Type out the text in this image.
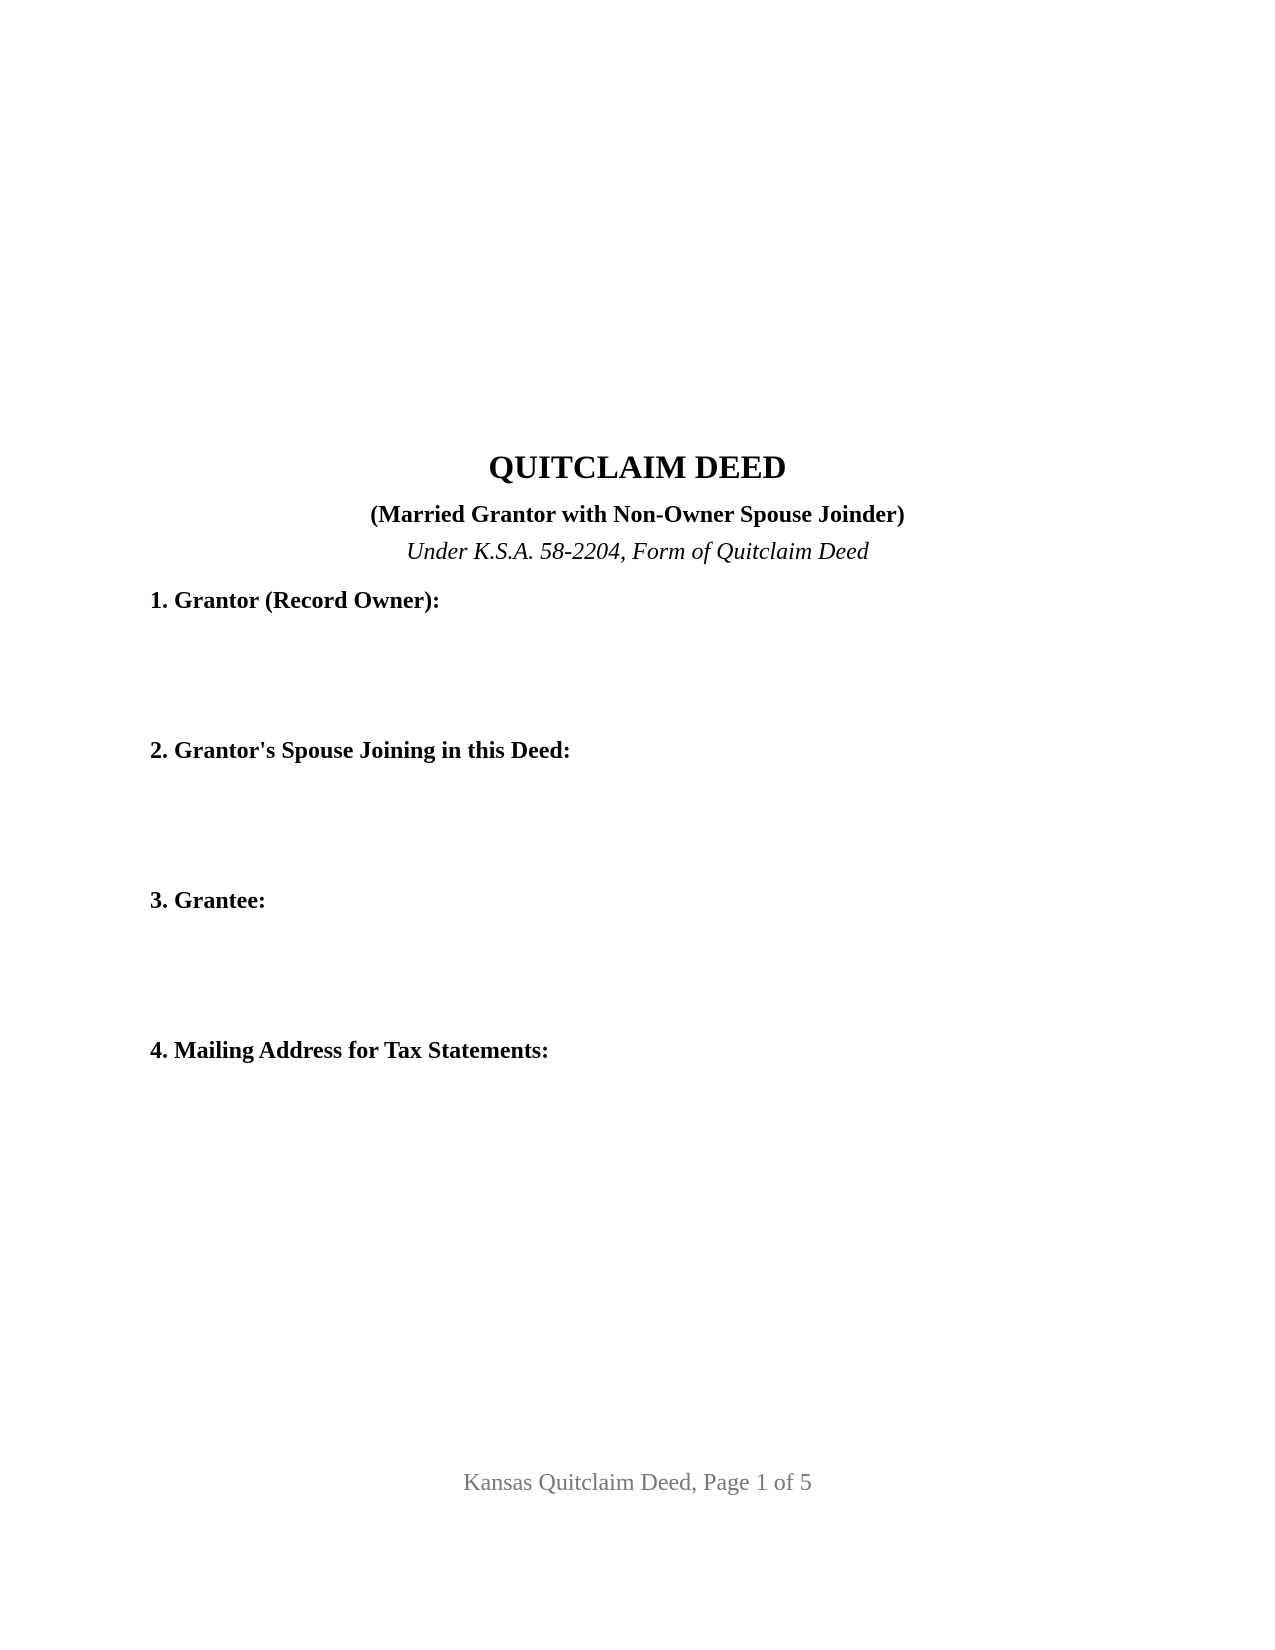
QUITCLAIM DEED
(Married Grantor with Non-Owner Spouse Joinder)
Under K.S.A. 58-2204, Form of Quitclaim Deed
1. Grantor (Record Owner):
2. Grantor's Spouse Joining in this Deed:
3. Grantee:
4. Mailing Address for Tax Statements:
Kansas Quitclaim Deed, Page 1 of 5
